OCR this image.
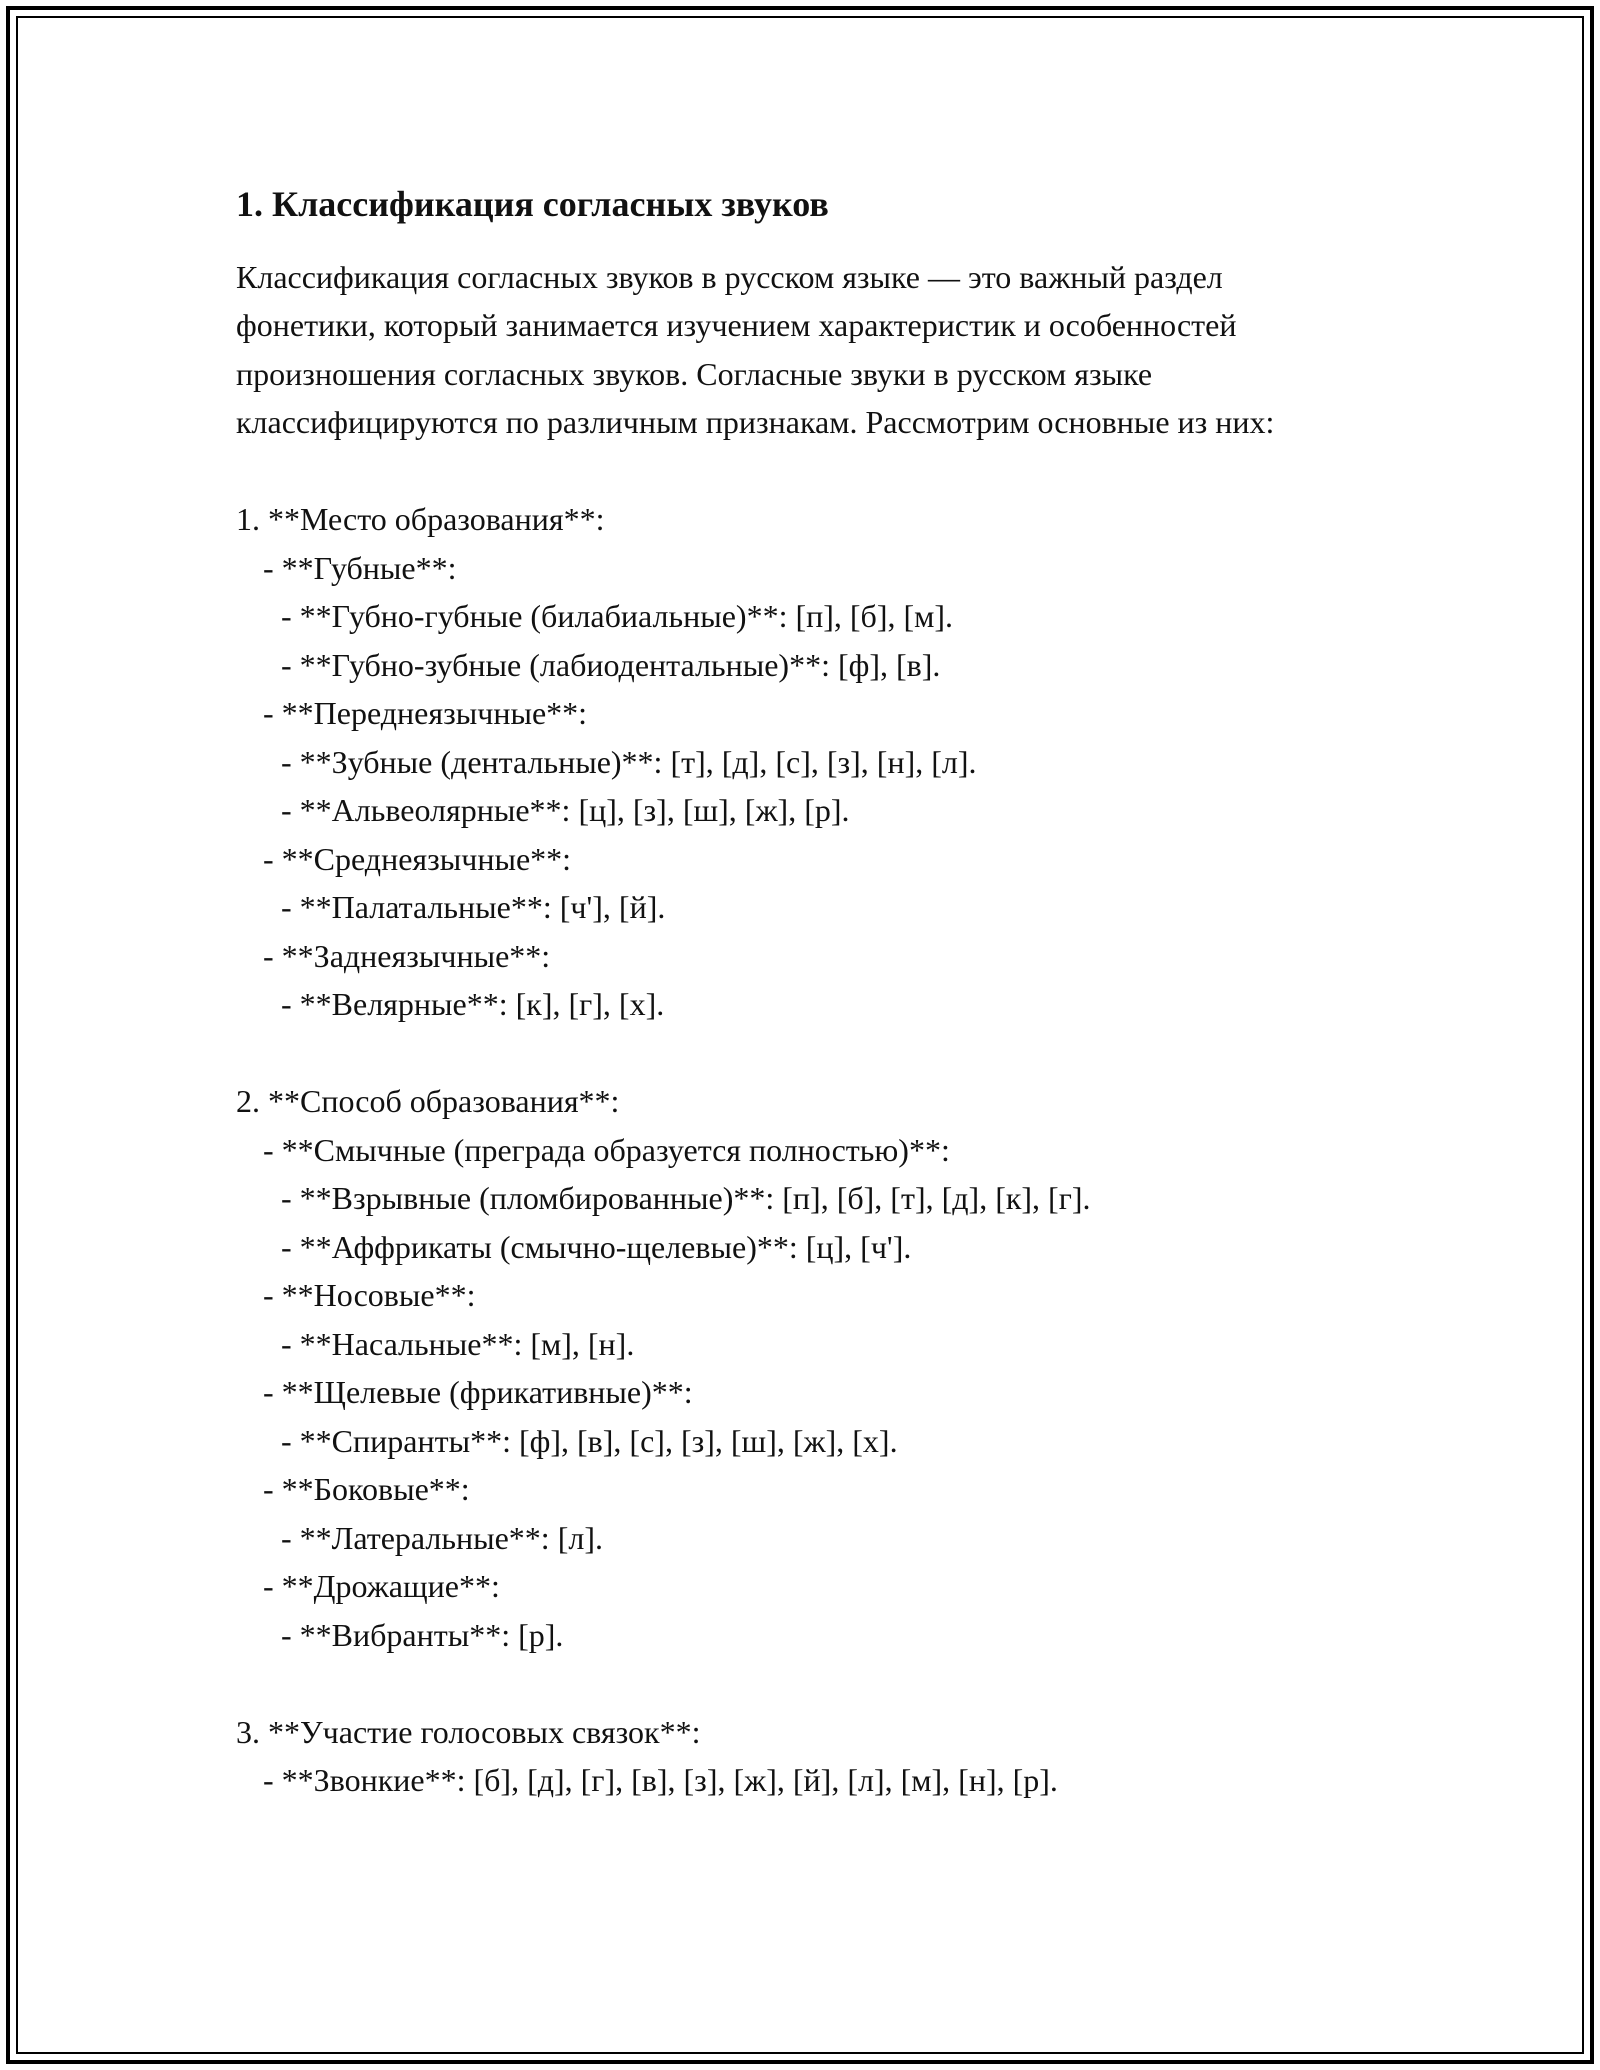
1. Классификация согласных звуков

Классификация согласных звуков в русском языке — это важный раздел фонетики, который занимается изучением характеристик и особенностей произношения согласных звуков. Согласные звуки в русском языке классифицируются по различным признакам. Рассмотрим основные из них:

1. **Место образования**:
- **Губные**:
- **Губно-губные (билабиальные)**: [п], [б], [м].
- **Губно-зубные (лабиодентальные)**: [ф], [в].
- **Переднеязычные**:
- **Зубные (дентальные)**: [т], [д], [с], [з], [н], [л].
- **Альвеолярные**: [ц], [з], [ш], [ж], [р].
- **Среднеязычные**:
- **Палатальные**: [ч'], [й].
- **Заднеязычные**:
- **Велярные**: [к], [г], [х].
2. **Способ образования**:
- **Смычные (преграда образуется полностью)**:
- **Взрывные (пломбированные)**: [п], [б], [т], [д], [к], [г].
- **Аффрикаты (смычно-щелевые)**: [ц], [ч'].
- **Носовые**:
- **Насальные**: [м], [н].
- **Щелевые (фрикативные)**:
- **Спиранты**: [ф], [в], [с], [з], [ш], [ж], [х].
- **Боковые**:
- **Латеральные**: [л].
- **Дрожащие**:
- **Вибранты**: [р].
3. **Участие голосовых связок**:
- **Звонкие**: [б], [д], [г], [в], [з], [ж], [й], [л], [м], [н], [р].
